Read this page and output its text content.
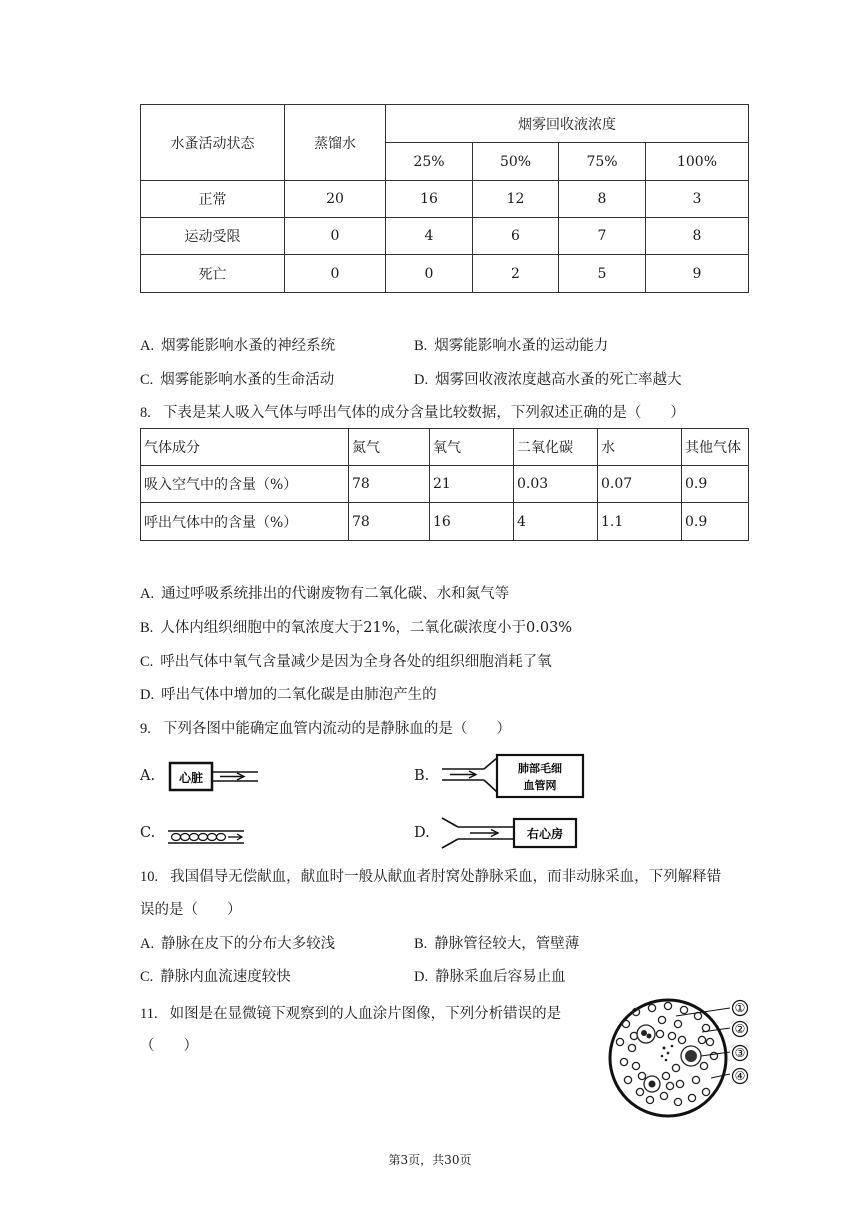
水蚤活动状态	蒸馏水	烟雾回收液浓度			
		25%	50%	75%	100%
正常	20	16	12	8	3
运动受限	0	4	6	7	8
死亡	0	0	2	5	9
A. 烟雾能影响水蚤的神经系统	B. 烟雾能影响水蚤的运动能力
C. 烟雾能影响水蚤的生命活动	D. 烟雾回收液浓度越高水蚤的死亡率越大
8. 下表是某人吸入气体与呼出气体的成分含量比较数据，下列叙述正确的是（　　）
气体成分	氮气	氧气	二氧化碳	水	其他气体
吸入空气中的含量（%）	78	21	0.03	0.07	0.9
呼出气体中的含量（%）	78	16	4	1.1	0.9
A. 通过呼吸系统排出的代谢废物有二氧化碳、水和氮气等
B. 人体内组织细胞中的氧浓度大于21%，二氧化碳浓度小于0.03%
C. 呼出气体中氧气含量减少是因为全身各处的组织细胞消耗了氧
D. 呼出气体中增加的二氧化碳是由肺泡产生的
9. 下列各图中能确定血管内流动的是静脉血的是（　　）
A. 心脏	B.	肺部毛细
血管网
C.	D.	右心房
10. 我国倡导无偿献血，献血时一般从献血者肘窝处静脉采血，而非动脉采血，下列解释错
误的是（　　）
A. 静脉在皮下的分布大多较浅	B. 静脉管径较大，管壁薄
C. 静脉内血流速度较快	D. 静脉采血后容易止血
11. 如图是在显微镜下观察到的人血涂片图像，下列分析错误的是
（　　）
①
②
③
④
第3页，共30页
